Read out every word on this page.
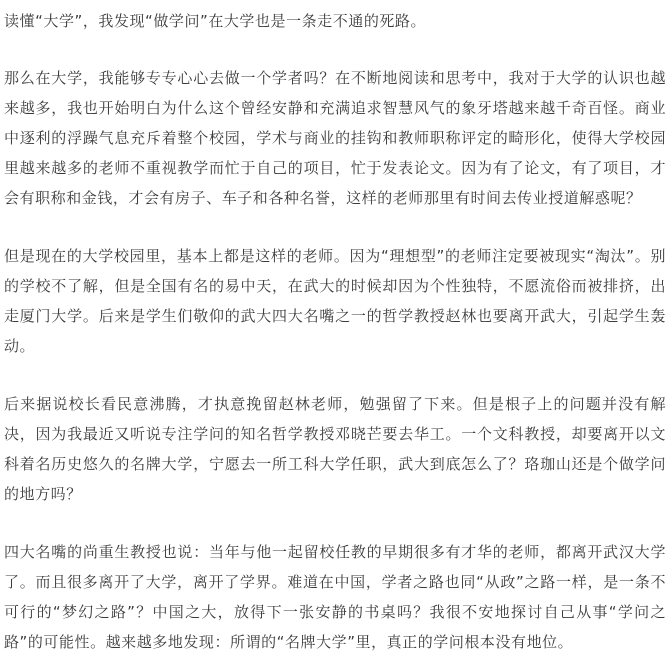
读懂“大学”，我发现“做学问”在大学也是一条走不通的死路。

那么在大学，我能够专专心心去做一个学者吗？在不断地阅读和思考中，我对于大学的认识也越来越多，我也开始明白为什么这个曾经安静和充满追求智慧风气的象牙塔越来越千奇百怪。商业中逐利的浮躁气息充斥着整个校园，学术与商业的挂钩和教师职称评定的畸形化，使得大学校园里越来越多的老师不重视教学而忙于自己的项目，忙于发表论文。因为有了论文，有了项目，才会有职称和金钱，才会有房子、车子和各种名誉，这样的老师那里有时间去传业授道解惑呢？

但是现在的大学校园里，基本上都是这样的老师。因为“理想型”的老师注定要被现实“淘汰”。别的学校不了解，但是全国有名的易中天，在武大的时候却因为个性独特，不愿流俗而被排挤，出走厦门大学。后来是学生们敬仰的武大四大名嘴之一的哲学教授赵林也要离开武大，引起学生轰动。

后来据说校长看民意沸腾，才执意挽留赵林老师，勉强留了下来。但是根子上的问题并没有解决，因为我最近又听说专注学问的知名哲学教授邓晓芒要去华工。一个文科教授，却要离开以文科着名历史悠久的名牌大学，宁愿去一所工科大学任职，武大到底怎么了？珞珈山还是个做学问的地方吗？

四大名嘴的尚重生教授也说：当年与他一起留校任教的早期很多有才华的老师，都离开武汉大学了。而且很多离开了大学，离开了学界。难道在中国，学者之路也同“从政”之路一样，是一条不可行的“梦幻之路”？中国之大，放得下一张安静的书桌吗？我很不安地探讨自己从事“学问之路”的可能性。越来越多地发现：所谓的“名牌大学”里，真正的学问根本没有地位。
